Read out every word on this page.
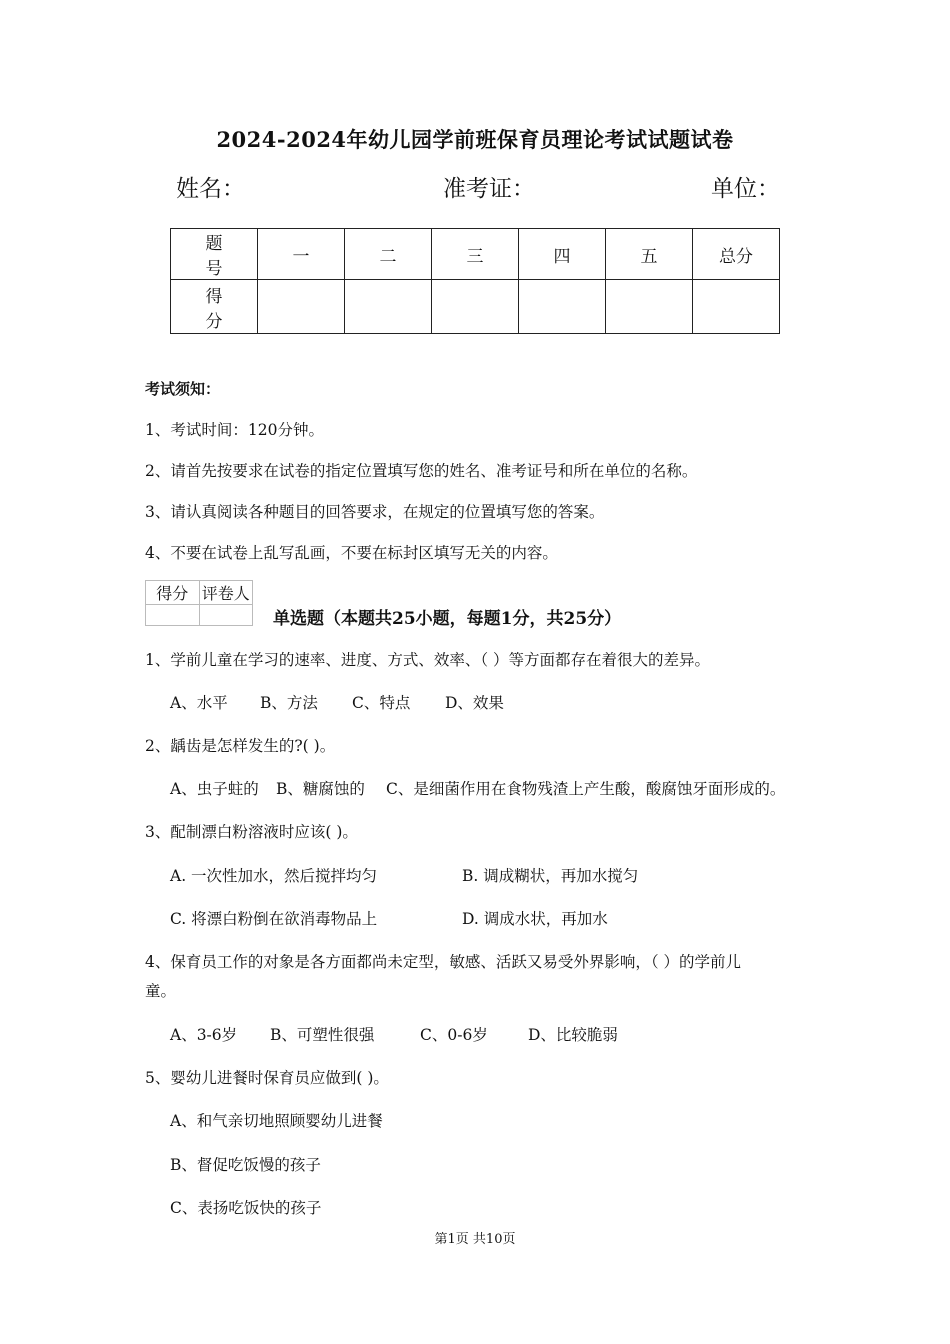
2024-2024年幼儿园学前班保育员理论考试试题试卷
姓名：	准考证：	单位：
题号	一	二	三	四	五	总分
得分						
考试须知：
1、考试时间：120分钟。
2、请首先按要求在试卷的指定位置填写您的姓名、准考证号和所在单位的名称。
3、请认真阅读各种题目的回答要求，在规定的位置填写您的答案。
4、不要在试卷上乱写乱画，不要在标封区填写无关的内容。
得分	评卷人

单选题（本题共25小题，每题1分，共25分）
1、学前儿童在学习的速率、进度、方式、效率、（ ）等方面都存在着很大的差异。
A、水平 B、方法 C、特点 D、效果
2、龋齿是怎样发生的?( )。
A、虫子蛀的 B、糖腐蚀的 C、是细菌作用在食物残渣上产生酸，酸腐蚀牙面形成的。
3、配制漂白粉溶液时应该( )。
A. 一次性加水，然后搅拌均匀	B. 调成糊状，再加水搅匀
C. 将漂白粉倒在欲消毒物品上	D. 调成水状，再加水
4、保育员工作的对象是各方面都尚未定型，敏感、活跃又易受外界影响，（ ）的学前儿
童。
A、3-6岁 B、可塑性很强	C、0-6岁	D、比较脆弱
5、婴幼儿进餐时保育员应做到( )。
A、和气亲切地照顾婴幼儿进餐
B、督促吃饭慢的孩子
C、表扬吃饭快的孩子
第1页 共10页
